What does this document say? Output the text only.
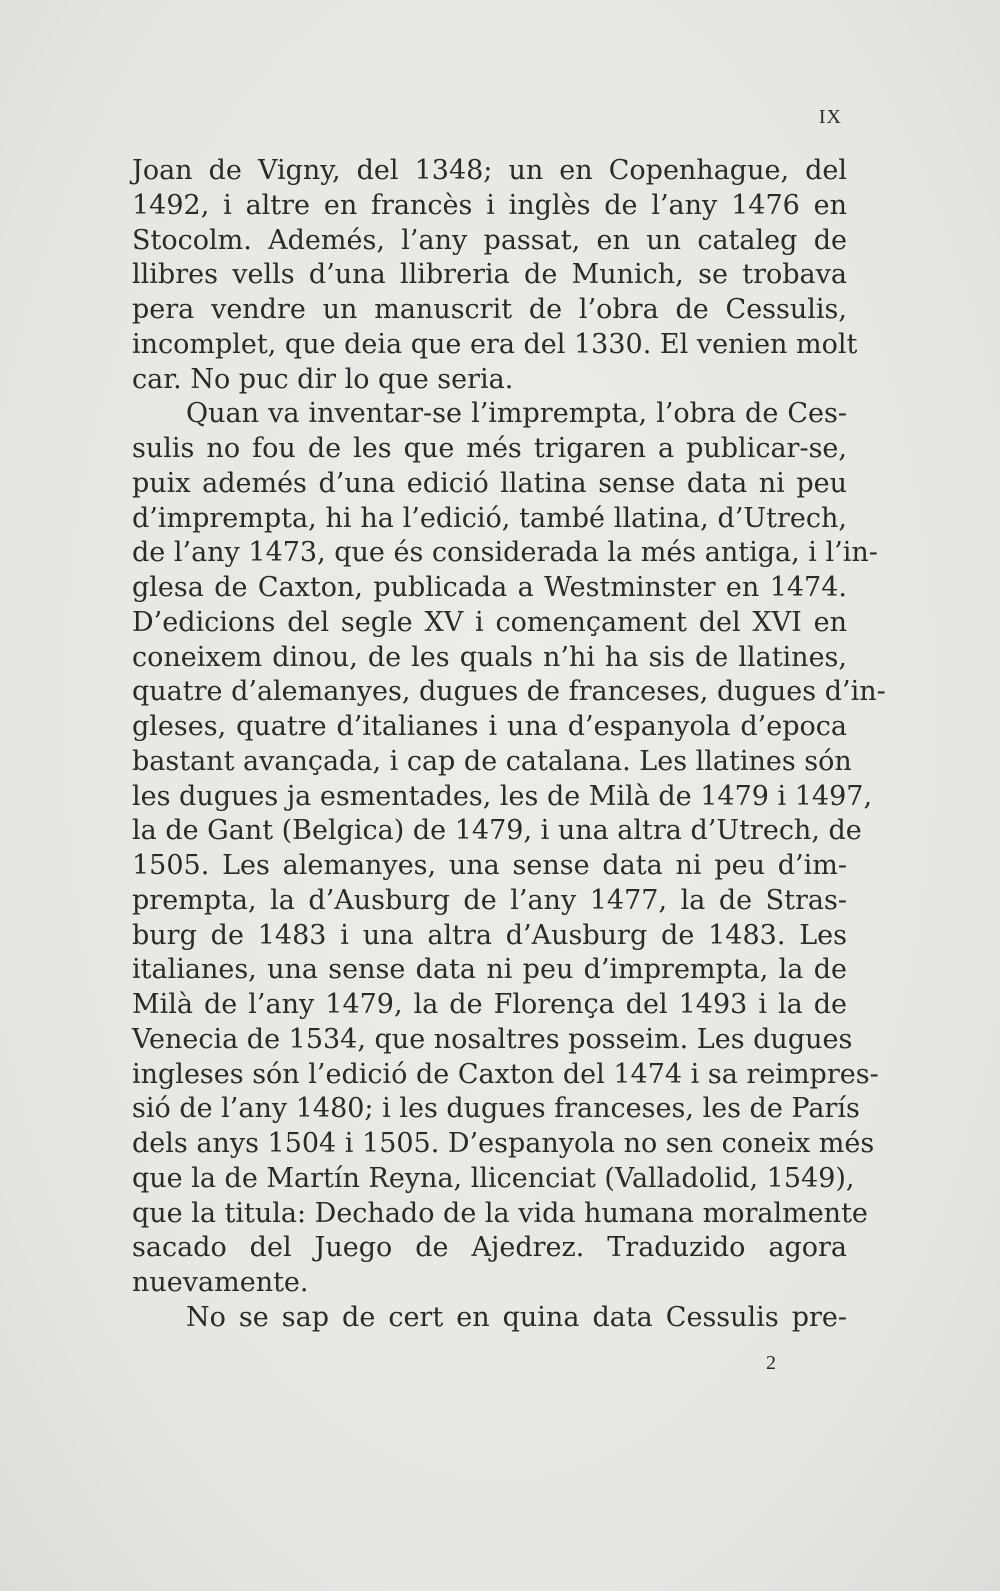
IX
Joan de Vigny, del 1348; un en Copenhague, del
1492, i altre en francès i inglès de l’any 1476 en
Stocolm. Ademés, l’any passat, en un cataleg de
llibres vells d’una llibreria de Munich, se trobava
pera vendre un manuscrit de l’obra de Cessulis,
incomplet, que deia que era del 1330. El venien molt
car. No puc dir lo que seria.
Quan va inventar-se l’imprempta, l’obra de Ces-
sulis no fou de les que més trigaren a publicar-se,
puix ademés d’una edició llatina sense data ni peu
d’imprempta, hi ha l’edició, també llatina, d’Utrech,
de l’any 1473, que és considerada la més antiga, i l’in-
glesa de Caxton, publicada a Westminster en 1474.
D’edicions del segle XV i començament del XVI en
coneixem dinou, de les quals n’hi ha sis de llatines,
quatre d’alemanyes, dugues de franceses, dugues d’in-
gleses, quatre d’italianes i una d’espanyola d’epoca
bastant avançada, i cap de catalana. Les llatines són
les dugues ja esmentades, les de Milà de 1479 i 1497,
la de Gant (Belgica) de 1479, i una altra d’Utrech, de
1505. Les alemanyes, una sense data ni peu d’im-
prempta, la d’Ausburg de l’any 1477, la de Stras-
burg de 1483 i una altra d’Ausburg de 1483. Les
italianes, una sense data ni peu d’imprempta, la de
Milà de l’any 1479, la de Florença del 1493 i la de
Venecia de 1534, que nosaltres posseim. Les dugues
ingleses són l’edició de Caxton del 1474 i sa reimpres-
sió de l’any 1480; i les dugues franceses, les de París
dels anys 1504 i 1505. D’espanyola no sen coneix més
que la de Martín Reyna, llicenciat (Valladolid, 1549),
que la titula: Dechado de la vida humana moralmente
sacado del Juego de Ajedrez. Traduzido agora
nuevamente.
No se sap de cert en quina data Cessulis pre-
2
